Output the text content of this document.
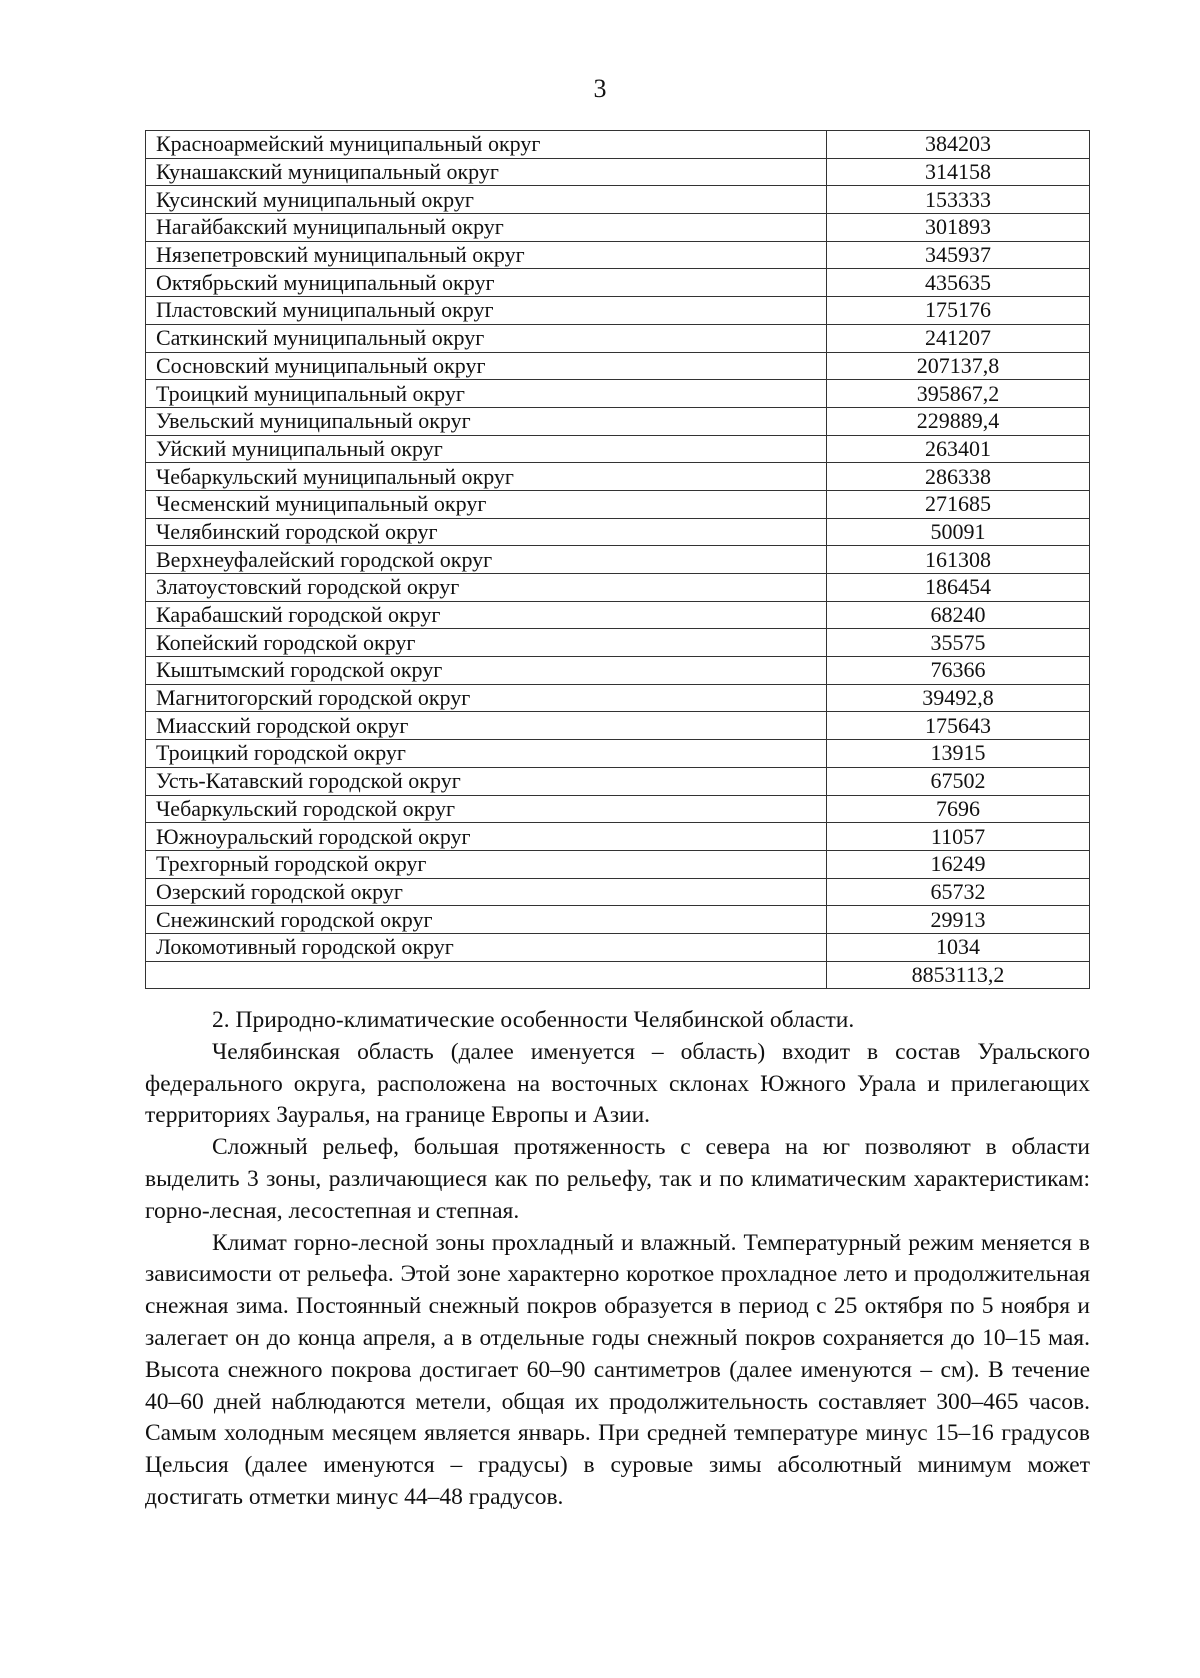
3
Красноармейский муниципальный округ	384203
Кунашакский муниципальный округ	314158
Кусинский муниципальный округ	153333
Нагайбакский муниципальный округ	301893
Нязепетровский муниципальный округ	345937
Октябрьский муниципальный округ	435635
Пластовский муниципальный округ	175176
Саткинский муниципальный округ	241207
Сосновский муниципальный округ	207137,8
Троицкий муниципальный округ	395867,2
Увельский муниципальный округ	229889,4
Уйский муниципальный округ	263401
Чебаркульский муниципальный округ	286338
Чесменский муниципальный округ	271685
Челябинский городской округ	50091
Верхнеуфалейский городской округ	161308
Златоустовский городской округ	186454
Карабашский городской округ	68240
Копейский городской округ	35575
Кыштымский городской округ	76366
Магнитогорский городской округ	39492,8
Миасский городской округ	175643
Троицкий городской округ	13915
Усть-Катавский городской округ	67502
Чебаркульский городской округ	7696
Южноуральский городской округ	11057
Трехгорный городской округ	16249
Озерский городской округ	65732
Снежинский городской округ	29913
Локомотивный городской округ	1034
	8853113,2

2. Природно-климатические особенности Челябинской области.

Челябинская область (далее именуется – область) входит в состав Уральского федерального округа, расположена на восточных склонах Южного Урала и прилегающих территориях Зауралья, на границе Европы и Азии.

Сложный рельеф, большая протяженность с севера на юг позволяют в области выделить 3 зоны, различающиеся как по рельефу, так и по климатическим характеристикам: горно-лесная, лесостепная и степная.

Климат горно-лесной зоны прохладный и влажный. Температурный режим меняется в зависимости от рельефа. Этой зоне характерно короткое прохладное лето и продолжительная снежная зима. Постоянный снежный покров образуется в период с 25 октября по 5 ноября и залегает он до конца апреля, а в отдельные годы снежный покров сохраняется до 10–15 мая. Высота снежного покрова достигает 60–90 сантиметров (далее именуются – см). В течение 40–60 дней наблюдаются метели, общая их продолжительность составляет 300–465 часов. Самым холодным месяцем является январь. При средней температуре минус 15–16 градусов Цельсия (далее именуются – градусы) в суровые зимы абсолютный минимум может достигать отметки минус 44–48 градусов.
